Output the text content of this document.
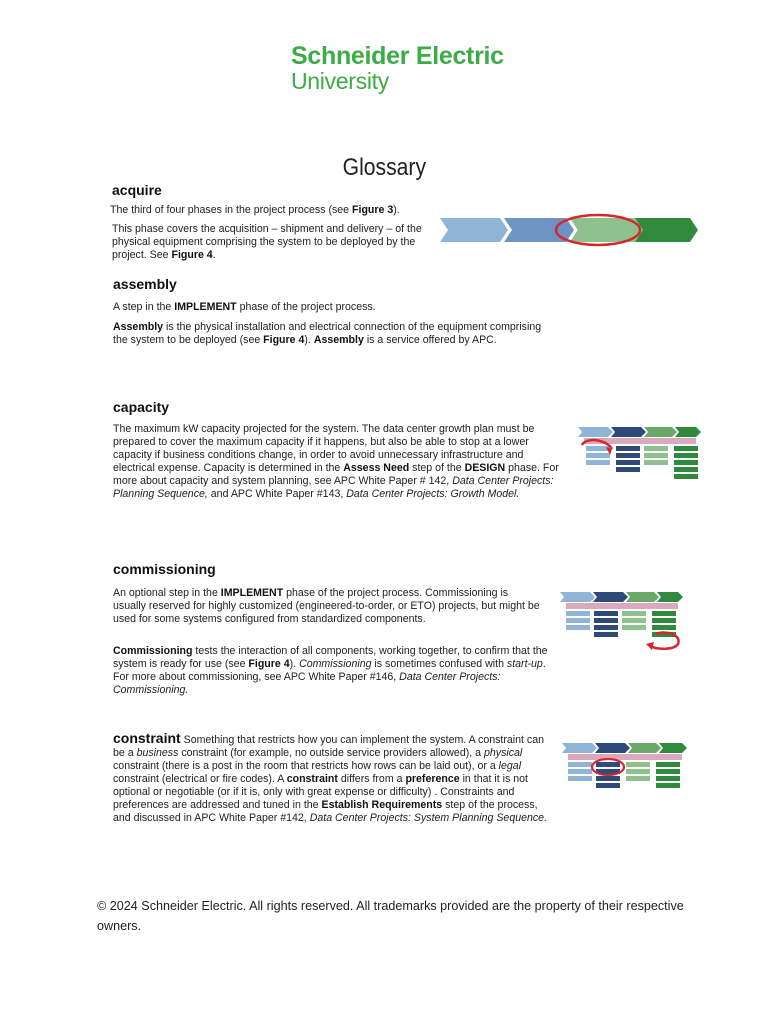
Schneider Electric
University
Glossary
acquire
The third of four phases in the project process (see Figure 3).
This phase covers the acquisition – shipment and delivery – of the physical equipment comprising the system to be deployed by the project. See Figure 4.
assembly
A step in the IMPLEMENT phase of the project process.
Assembly is the physical installation and electrical connection of the equipment comprising the system to be deployed (see Figure 4). Assembly is a service offered by APC.
capacity
The maximum kW capacity projected for the system. The data center growth plan must be prepared to cover the maximum capacity if it happens, but also be able to stop at a lower capacity if business conditions change, in order to avoid unnecessary infrastructure and electrical expense. Capacity is determined in the Assess Need step of the DESIGN phase. For more about capacity and system planning, see APC White Paper # 142, Data Center Projects: Planning Sequence, and APC White Paper #143, Data Center Projects: Growth Model.
commissioning
An optional step in the IMPLEMENT phase of the project process. Commissioning is usually reserved for highly customized (engineered-to-order, or ETO) projects, but might be used for some systems configured from standardized components.
Commissioning tests the interaction of all components, working together, to confirm that the system is ready for use (see Figure 4). Commissioning is sometimes confused with start-up. For more about commissioning, see APC White Paper #146, Data Center Projects: Commissioning.
constraint Something that restricts how you can implement the system. A constraint can be a business constraint (for example, no outside service providers allowed), a physical constraint (there is a post in the room that restricts how rows can be laid out), or a legal constraint (electrical or fire codes). A constraint differs from a preference in that it is not optional or negotiable (or if it is, only with great expense or difficulty) . Constraints and preferences are addressed and tuned in the Establish Requirements step of the process, and discussed in APC White Paper #142, Data Center Projects: System Planning Sequence.
© 2024 Schneider Electric. All rights reserved. All trademarks provided are the property of their respective owners.
